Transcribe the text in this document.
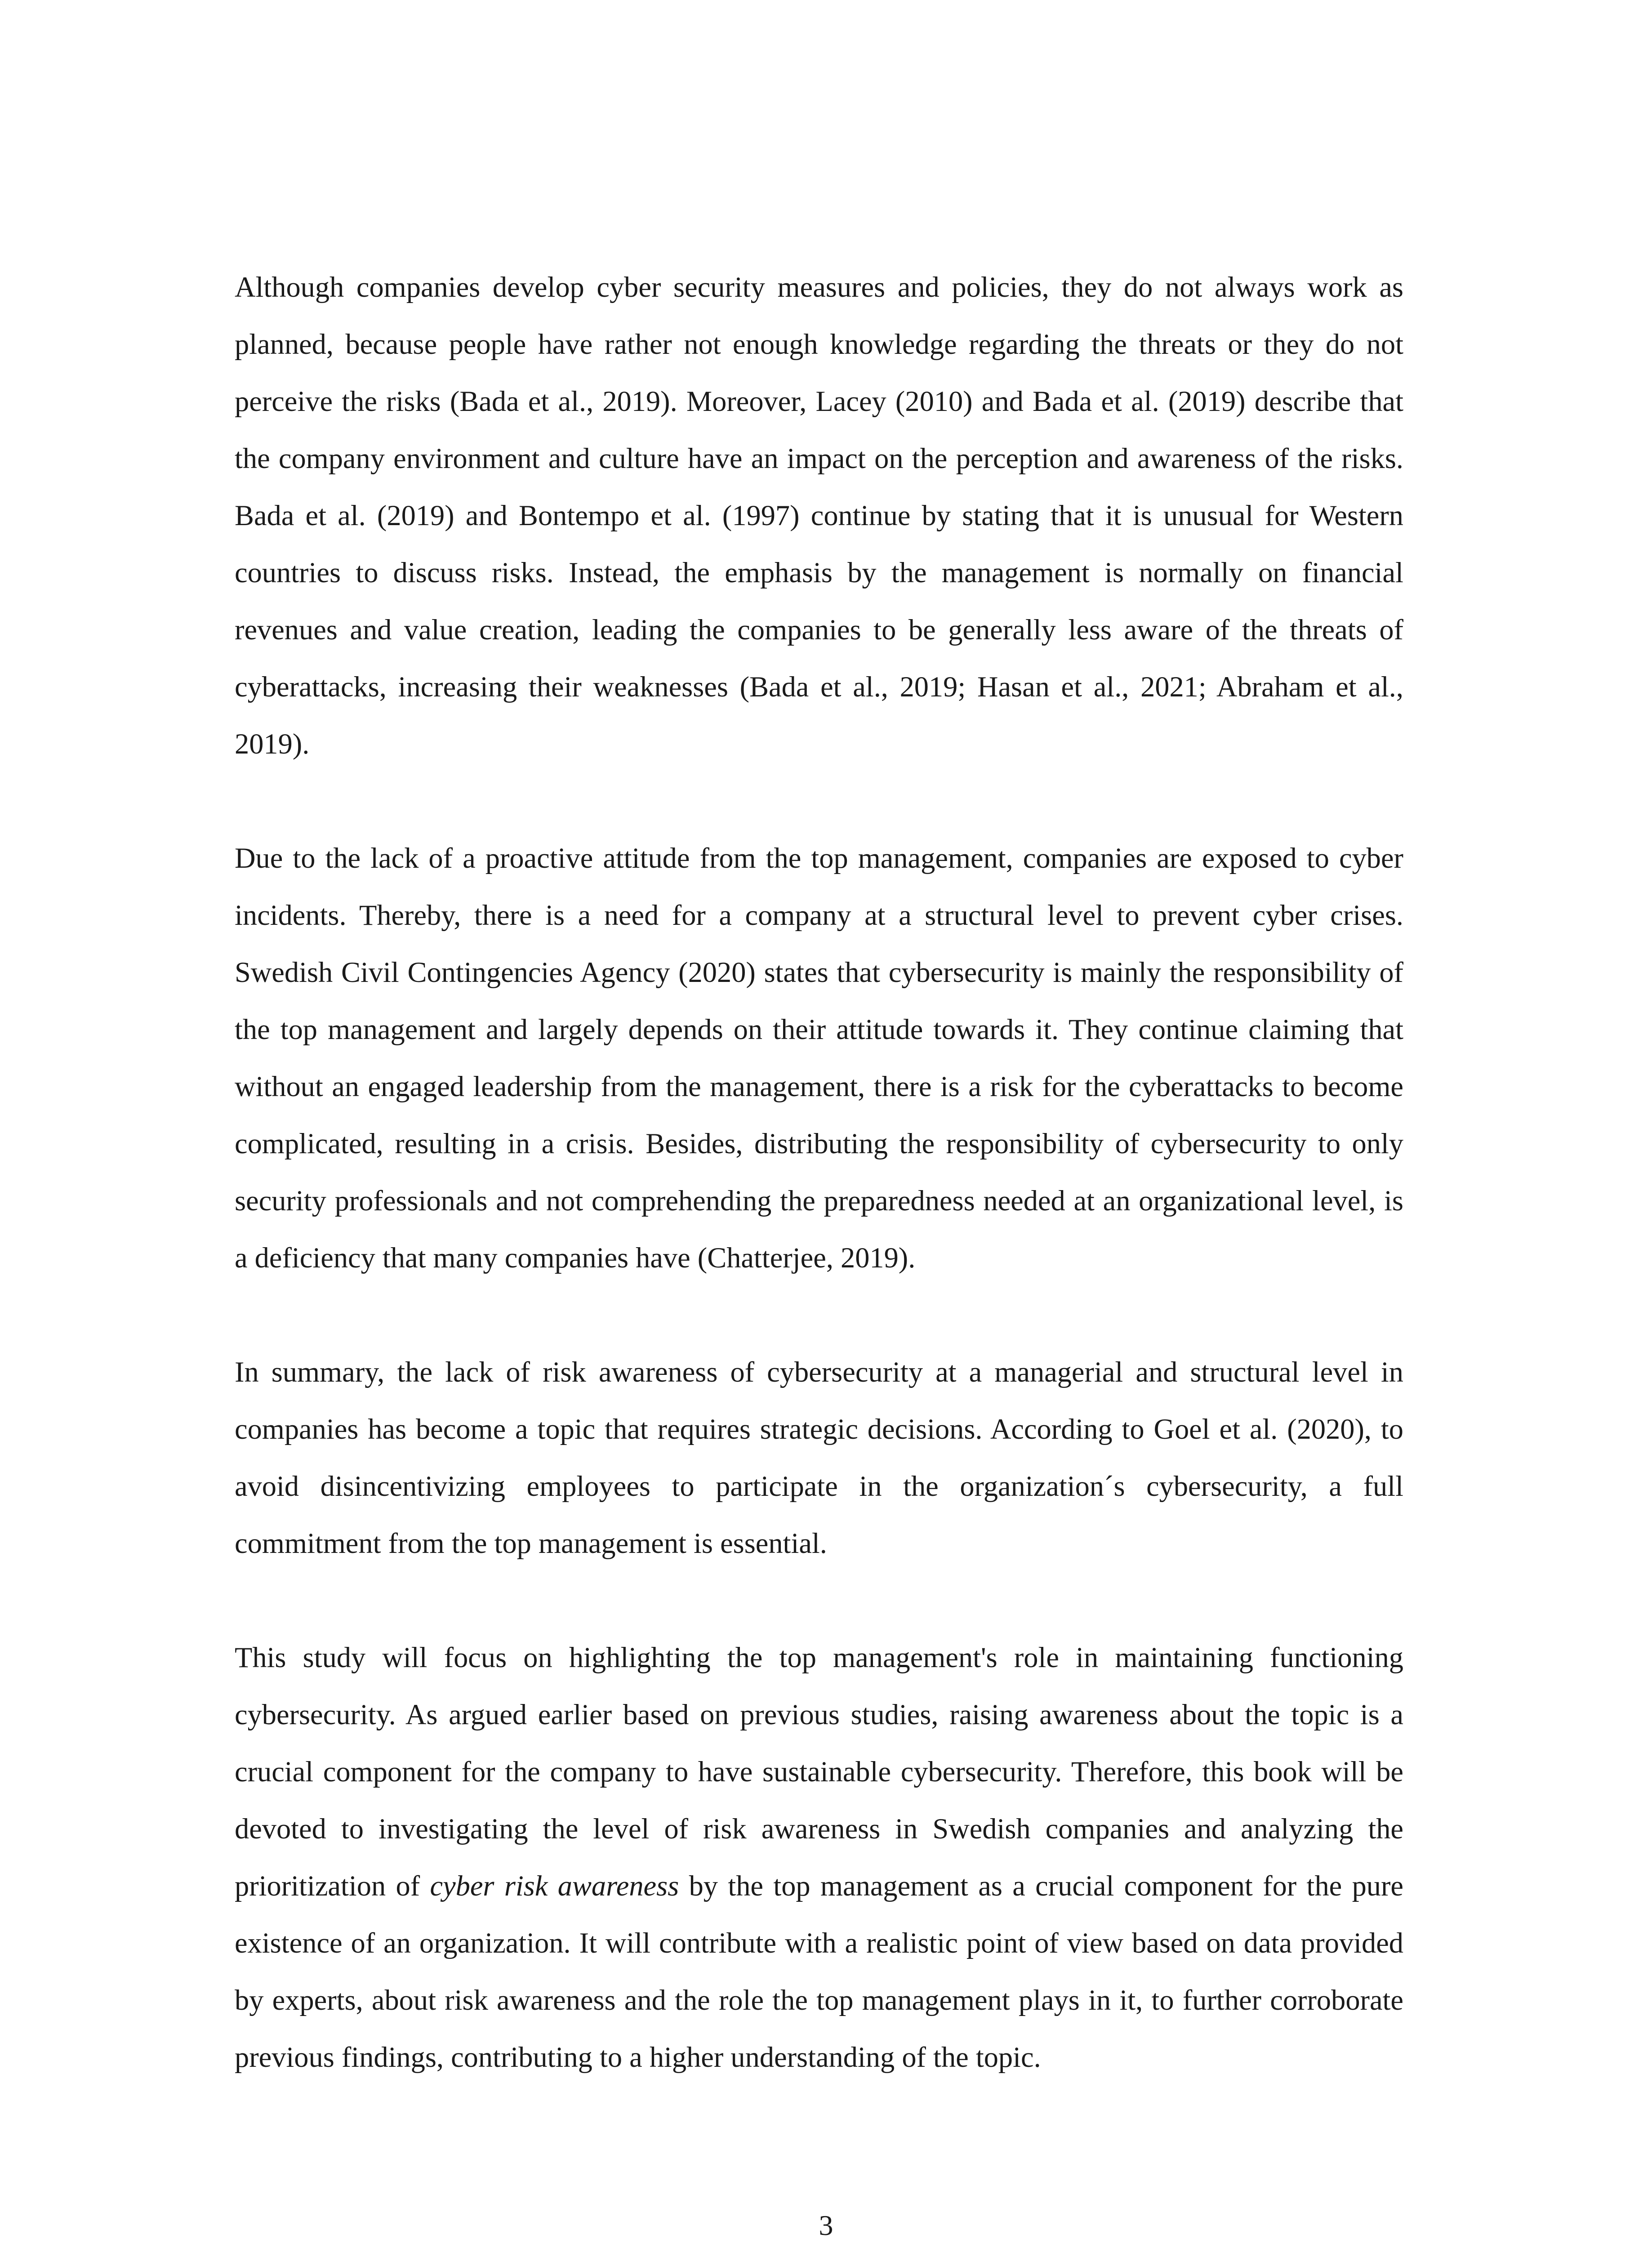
Although companies develop cyber security measures and policies, they do not always work as planned, because people have rather not enough knowledge regarding the threats or they do not perceive the risks (Bada et al., 2019). Moreover, Lacey (2010) and Bada et al. (2019) describe that the company environment and culture have an impact on the perception and awareness of the risks. Bada et al. (2019) and Bontempo et al. (1997) continue by stating that it is unusual for Western countries to discuss risks. Instead, the emphasis by the management is normally on financial revenues and value creation, leading the companies to be generally less aware of the threats of cyberattacks, increasing their weaknesses (Bada et al., 2019; Hasan et al., 2021; Abraham et al., 2019).

Due to the lack of a proactive attitude from the top management, companies are exposed to cyber incidents. Thereby, there is a need for a company at a structural level to prevent cyber crises. Swedish Civil Contingencies Agency (2020) states that cybersecurity is mainly the responsibility of the top management and largely depends on their attitude towards it. They continue claiming that without an engaged leadership from the management, there is a risk for the cyberattacks to become complicated, resulting in a crisis. Besides, distributing the responsibility of cybersecurity to only security professionals and not comprehending the preparedness needed at an organizational level, is a deficiency that many companies have (Chatterjee, 2019).

In summary, the lack of risk awareness of cybersecurity at a managerial and structural level in companies has become a topic that requires strategic decisions. According to Goel et al. (2020), to avoid disincentivizing employees to participate in the organization´s cybersecurity, a full commitment from the top management is essential.

This study will focus on highlighting the top management's role in maintaining functioning cybersecurity. As argued earlier based on previous studies, raising awareness about the topic is a crucial component for the company to have sustainable cybersecurity. Therefore, this book will be devoted to investigating the level of risk awareness in Swedish companies and analyzing the prioritization of cyber risk awareness by the top management as a crucial component for the pure existence of an organization. It will contribute with a realistic point of view based on data provided by experts, about risk awareness and the role the top management plays in it, to further corroborate previous findings, contributing to a higher understanding of the topic.

3
